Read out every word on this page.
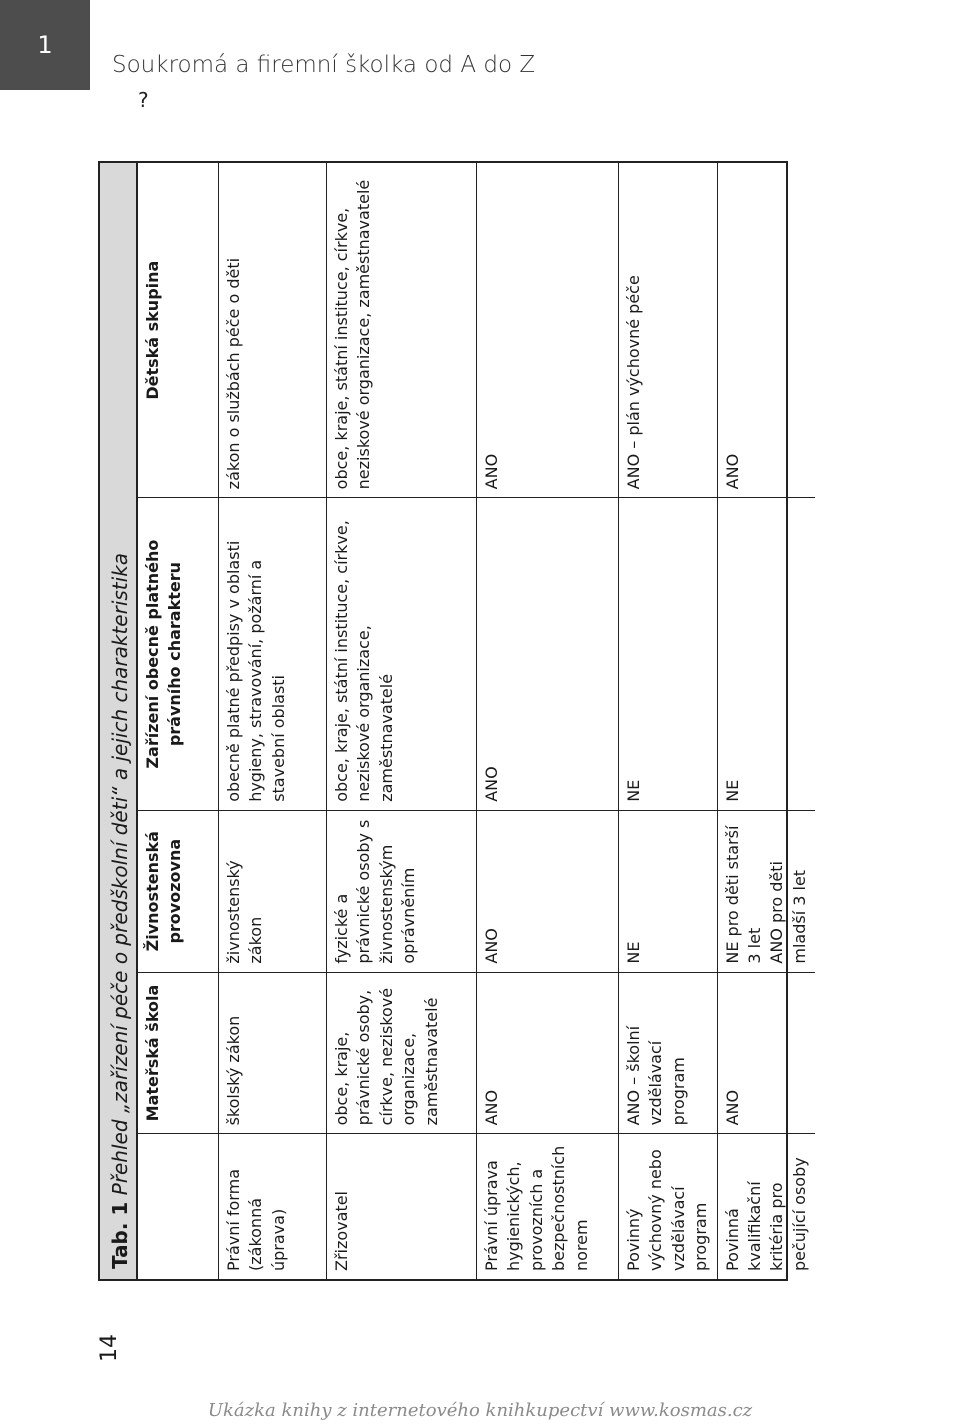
1
Soukromá a firemní školka od A do Z
?
Tab. 1 Přehled „zařízení péče o předškolní děti“ a jejich charakteristika
	Mateřská škola	Živnostenská provozovna	Zařízení obecně platného právního charakteru	Dětská skupina
Právní forma (zákonná úprava)	školský zákon	živnostenský zákon	obecně platné předpisy v oblasti hygieny, stravování, požární a stavební oblasti	zákon o službách péče o děti
Zřizovatel	obce, kraje, právnické osoby, církve, neziskové organizace, zaměstnavatelé	fyzické a právnické osoby s živnostenským oprávněním	obce, kraje, státní instituce, církve, neziskové organizace, zaměstnavatelé	obce, kraje, státní instituce, církve, neziskové organizace, zaměstnavatelé
Právní úprava hygienických, provozních a bezpečnostních norem	ANO	ANO	ANO	ANO
Povinný výchovný nebo vzdělávací program	ANO – školní vzdělávací program	NE	NE	ANO – plán výchovné péče
Povinná kvalifikační kritéria pro pečující osoby	ANO	NE pro děti starší 3 let ANO pro děti mladší 3 let	NE	ANO
14
Ukázka knihy z internetového knihkupectví www.kosmas.cz
